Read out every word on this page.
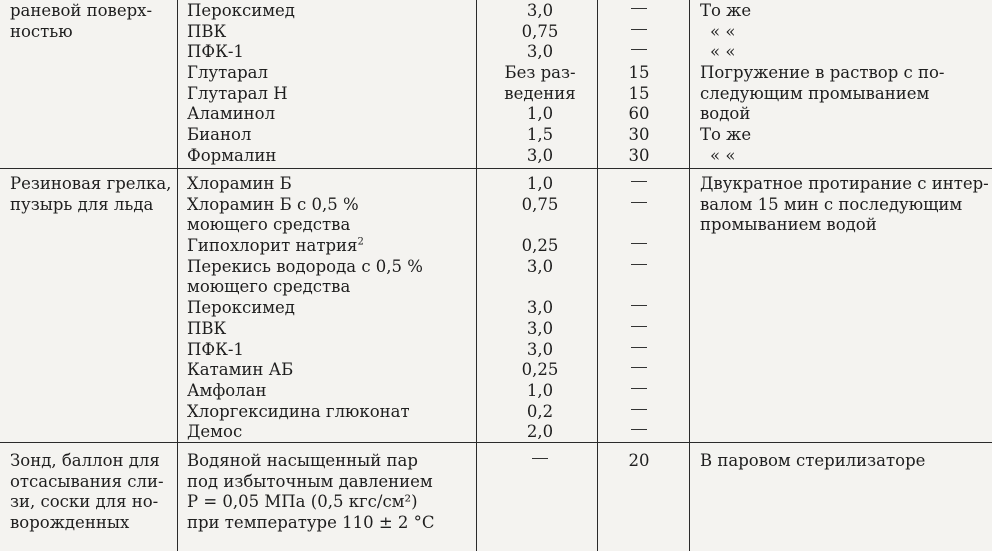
раневой поверх-
ностью
Пероксимед
ПВК
ПФК-1
Глутарал
Глутарал Н
Аламинол
Бианол
Формалин
3,0
0,75
3,0
Без раз-
ведения
1,0
1,5
3,0
15
15
60
30
30
То же
« «
« «
Погружение в раствор с по-
следующим промыванием
водой
То же
« «
Резиновая грелка,
пузырь для льда
Хлорамин Б
Хлорамин Б с 0,5 %
моющего средства
Гипохлорит натрия$^2$
Перекись водорода с 0,5 %
моющего средства
Пероксимед
ПВК
ПФК-1
Катамин АБ
Амфолан
Хлоргексидина глюконат
Демос
1,0
0,75
0,25
3,0
3,0
3,0
3,0
0,25
1,0
0,2
2,0
Двукратное протирание с интер-
валом 15 мин с последующим
промыванием водой
Зонд, баллон для
отсасывания сли-
зи, соски для но-
ворожденных
Водяной насыщенный пар
под избыточным давлением
Р = 0,05 МПа (0,5 кгс/см²)
при температуре 110 ± 2 °С
20	В паровом стерилизаторе
